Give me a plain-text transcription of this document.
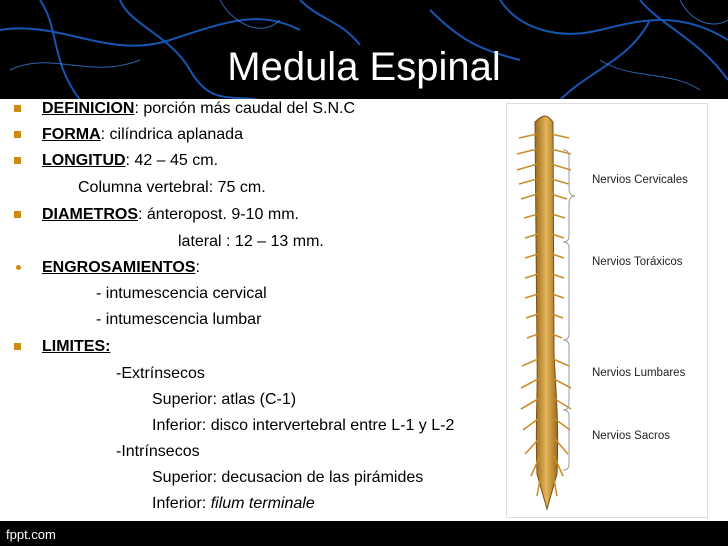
Medula Espinal
DEFINICION: porción más caudal del S.N.C
FORMA: cilíndrica aplanada
LONGITUD: 42 – 45 cm.
Columna vertebral: 75 cm.
DIAMETROS: ánteropost. 9-10 mm.
lateral : 12 – 13 mm.
ENGROSAMIENTOS:
- intumescencia cervical
- intumescencia lumbar
LIMITES:
-Extrínsecos
Superior: atlas (C-1)
Inferior: disco intervertebral entre L-1 y L-2
-Intrínsecos
Superior: decusacion de las pirámides
Inferior: filum terminale
Nervios Cervicales
Nervios Toráxicos
Nervios Lumbares
Nervios Sacros
fppt.com
